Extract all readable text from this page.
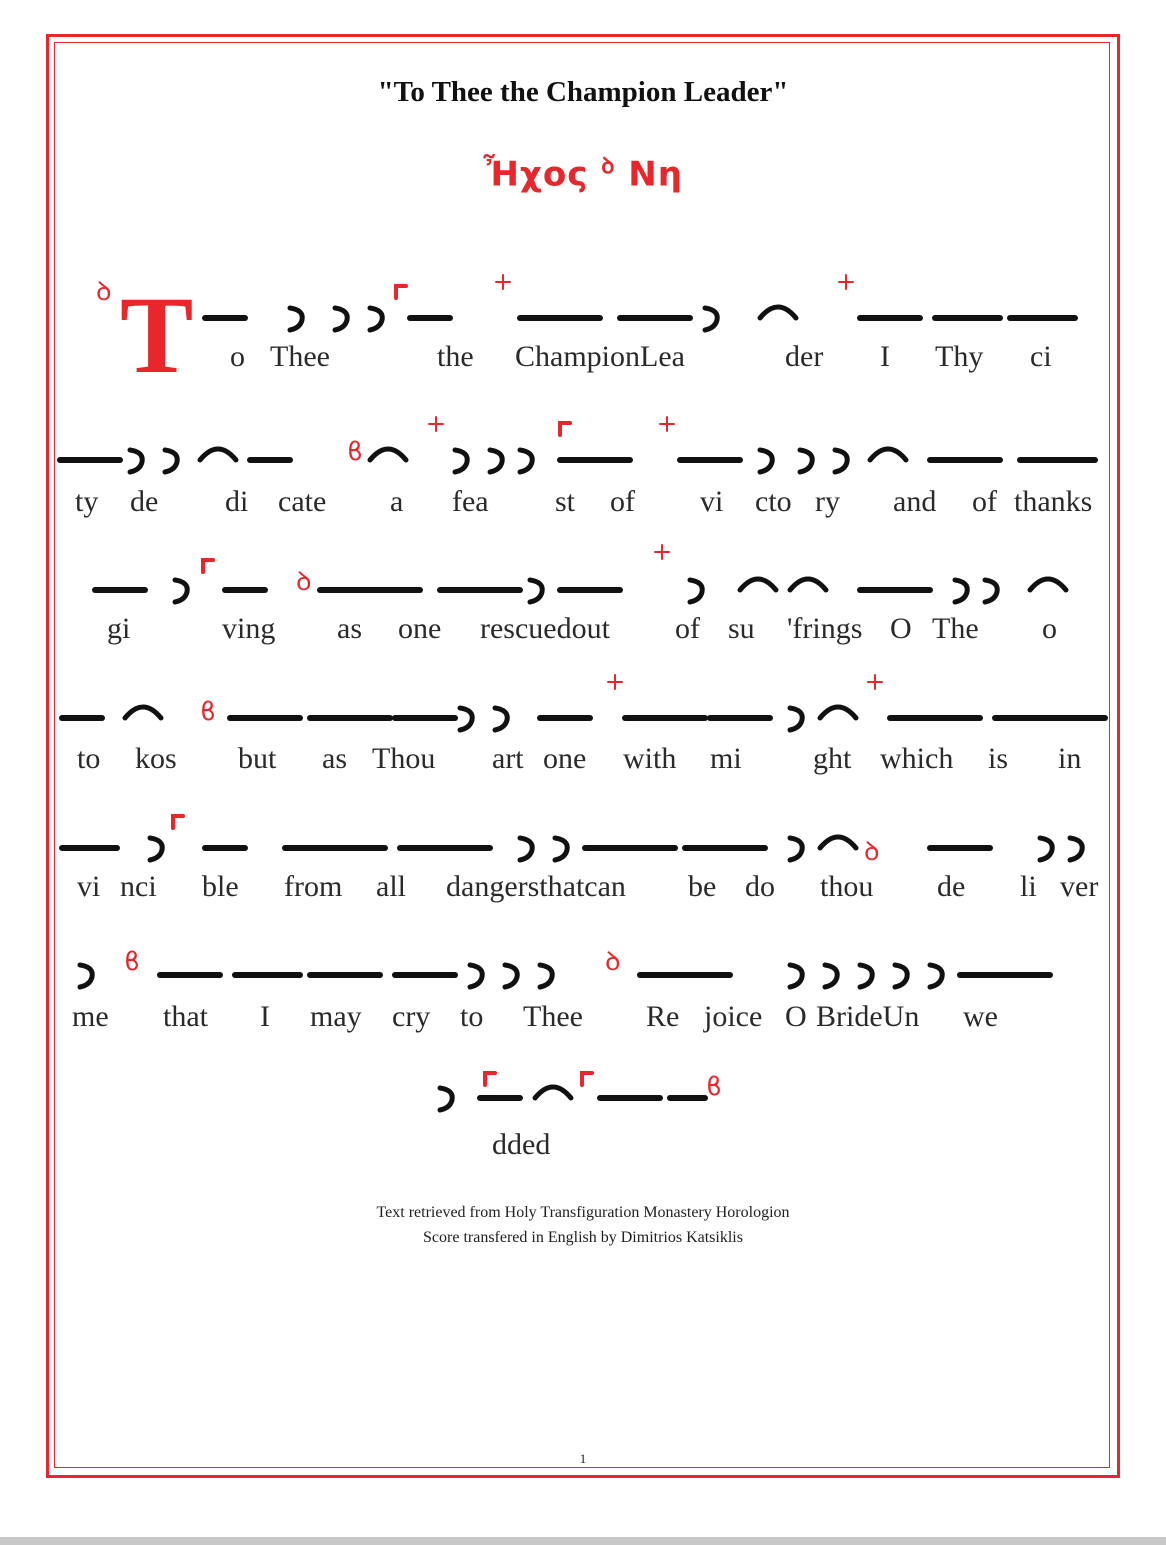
"To Thee the Champion Leader"
Ἦχος $^ꝺ$ Νη
T
ꝺ
ϐ
ꝺ
ϐ
ꝺ
ϐ	ꝺ
ϐ
o Thee	the ChampionLea	der I Thy ci
ty de di cate a fea st of vi cto ry and of thanks
gi	ving as one rescuedout of su 'frings O The o
to kos but as Thou art one with mi ght which is in
vi nci ble from all dangersthatcan be do thou de li ver
me that I may cry to Thee Re joice O BrideUn we
dded
Text retrieved from Holy Transfiguration Monastery Horologion
Score transfered in English by Dimitrios Katsiklis
1
